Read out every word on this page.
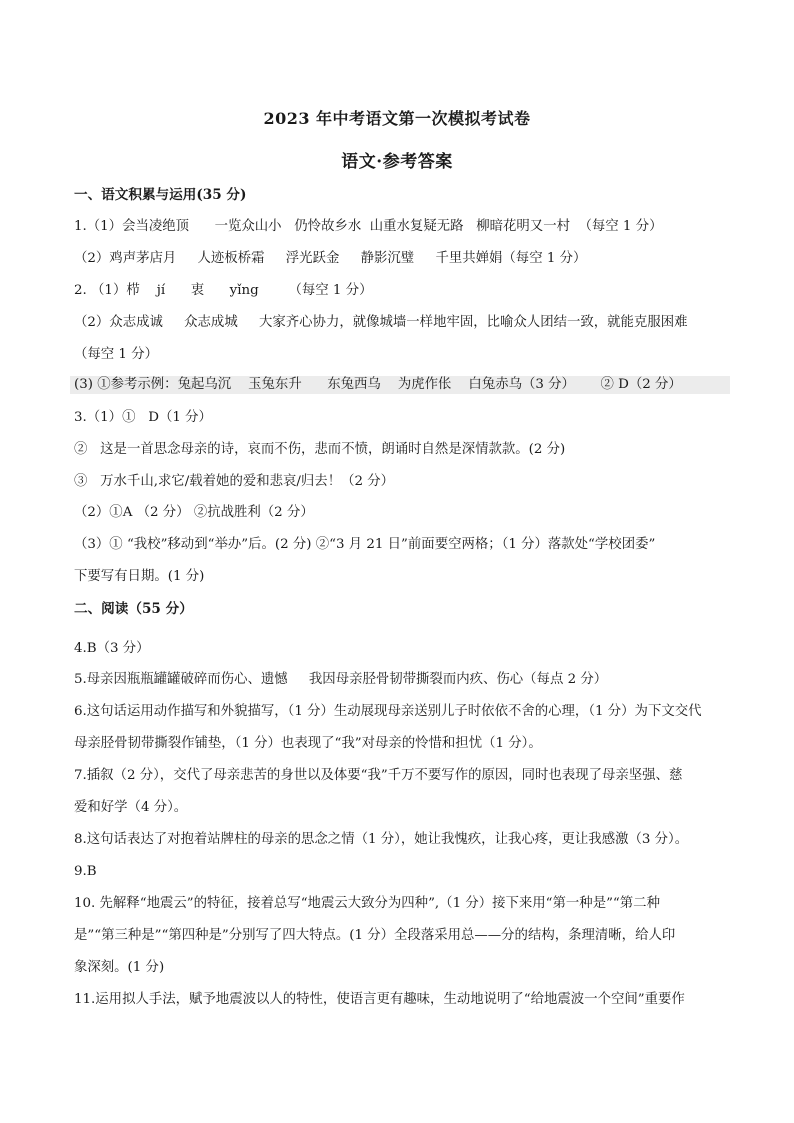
2023 年中考语文第一次模拟考试卷
语文·参考答案
一、语文积累与运用(35 分)
1.（1）会当凌绝顶      一览众山小   仍怜故乡水  山重水复疑无路   柳暗花明又一村  （每空 1 分）
（2）鸡声茅店月     人迹板桥霜     浮光跃金     静影沉璧     千里共婵娟（每空 1 分）
2. （1）栉    jí      衷      yǐng       （每空 1 分）
（2）众志成诚     众志成城     大家齐心协力，就像城墙一样地牢固，比喻众人团结一致，就能克服困难
（每空 1 分）
(3) ①参考示例：兔起乌沉    玉兔东升      东兔西乌    为虎作伥    白兔赤乌（3 分）      ② D（2 分）
3.（1）①   D（1 分）
②   这是一首思念母亲的诗，哀而不伤，悲而不愤，朗诵时自然是深情款款。(2 分)
③   万水千山,求它/载着她的爱和悲哀/归去！（2 分）
（2）①A （2 分） ②抗战胜利（2 分）
（3）① “我校”移动到“举办”后。(2 分) ②“3 月 21 日”前面要空两格；（1 分）落款处“学校团委”
下要写有日期。(1 分)
二、阅读（55 分）
4.B（3 分）
5.母亲因瓶瓶罐罐破碎而伤心、遗憾     我因母亲胫骨韧带撕裂而内疚、伤心（每点 2 分）
6.这句话运用动作描写和外貌描写，（1 分）生动展现母亲送别儿子时依依不舍的心理，（1 分）为下文交代
母亲胫骨韧带撕裂作铺垫，（1 分）也表现了“我”对母亲的怜惜和担忧（1 分）。
7.插叙（2 分），交代了母亲悲苦的身世以及体要“我”千万不要写作的原因，同时也表现了母亲坚强、慈
爱和好学（4 分）。
8.这句话表达了对抱着站牌柱的母亲的思念之情（1 分），她让我愧疚，让我心疼，更让我感激（3 分）。
9.B
10. 先解释“地震云”的特征，接着总写“地震云大致分为四种”,（1 分）接下来用“第一种是”“第二种
是”“第三种是”“第四种是”分别写了四大特点。(1 分）全段落采用总——分的结构，条理清晰，给人印
象深刻。(1 分)
11.运用拟人手法，赋予地震波以人的特性，使语言更有趣味，生动地说明了“给地震波一个空间”重要作
